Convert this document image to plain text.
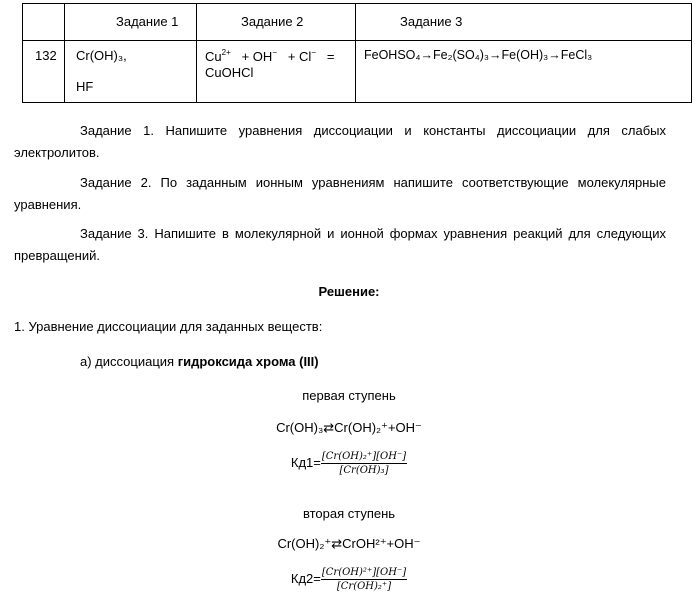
Задание 1	Задание 2	Задание 3
132 Cr(OH)₃,
HF
$Cu^{2+} + OH^- + Cl^-$ =
CuOHCl
FeOHSO₄→Fe₂(SO₄)₃→Fe(OH)₃→FeCl₃
Задание 1. Напишите уравнения диссоциации и константы диссоциации для слабых
электролитов.
Задание 2. По заданным ионным уравнениям напишите соответствующие молекулярные
уравнения.
Задание 3. Напишите в молекулярной и ионной формах уравнения реакций для следующих
превращений.
Решение:
1. Уравнение диссоциации для заданных веществ:
а) диссоциация гидроксида хрома (III)
первая ступень
Cr(OH)₃⇄Cr(OH)₂⁺+OH⁻
$Кд1= \frac{\text{[Cr(OH)₂⁺][OH⁻]}}{\text{[Cr(OH)₃]}}$
вторая ступень
Cr(OH)₂⁺⇄CrOH²⁺+OH⁻
$Кд2= \frac{\text{[Cr(OH)²⁺][OH⁻]}}{\text{[Cr(OH)₂⁺]}}$
